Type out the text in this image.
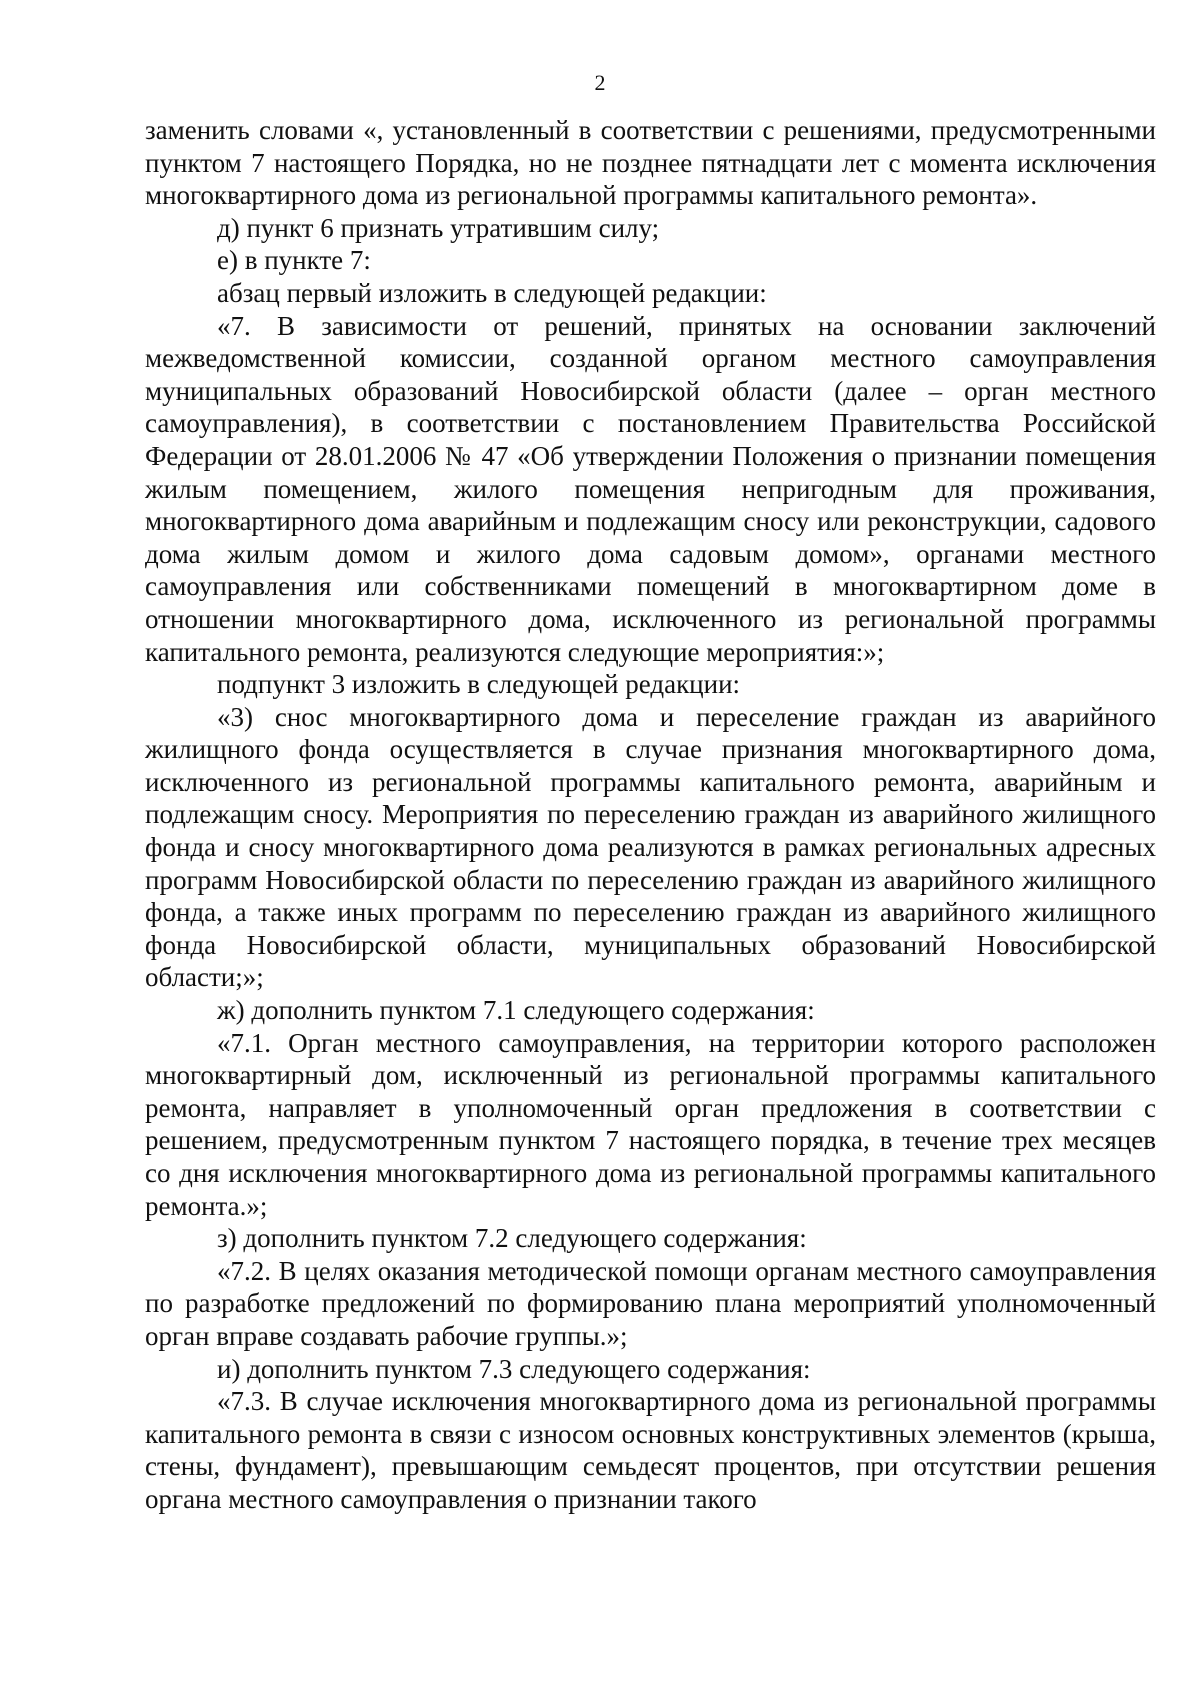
2

заменить словами «, установленный в соответствии с решениями, предусмотренными пунктом 7 настоящего Порядка, но не позднее пятнадцати лет с момента исключения многоквартирного дома из региональной программы капитального ремонта».

д) пункт 6 признать утратившим силу;

е) в пункте 7:

абзац первый изложить в следующей редакции:

«7. В зависимости от решений, принятых на основании заключений межведомственной комиссии, созданной органом местного самоуправления муниципальных образований Новосибирской области (далее – орган местного самоуправления), в соответствии с постановлением Правительства Российской Федерации от 28.01.2006 № 47 «Об утверждении Положения о признании помещения жилым помещением, жилого помещения непригодным для проживания, многоквартирного дома аварийным и подлежащим сносу или реконструкции, садового дома жилым домом и жилого дома садовым домом», органами местного самоуправления или собственниками помещений в многоквартирном доме в отношении многоквартирного дома, исключенного из региональной программы капитального ремонта, реализуются следующие мероприятия:»;

подпункт 3 изложить в следующей редакции:

«3) снос многоквартирного дома и переселение граждан из аварийного жилищного фонда осуществляется в случае признания многоквартирного дома, исключенного из региональной программы капитального ремонта, аварийным и подлежащим сносу. Мероприятия по переселению граждан из аварийного жилищного фонда и сносу многоквартирного дома реализуются в рамках региональных адресных программ Новосибирской области по переселению граждан из аварийного жилищного фонда, а также иных программ по переселению граждан из аварийного жилищного фонда Новосибирской области, муниципальных образований Новосибирской области;»;

ж) дополнить пунктом 7.1 следующего содержания:

«7.1. Орган местного самоуправления, на территории которого расположен многоквартирный дом, исключенный из региональной программы капитального ремонта, направляет в уполномоченный орган предложения в соответствии с решением, предусмотренным пунктом 7 настоящего порядка, в течение трех месяцев со дня исключения многоквартирного дома из региональной программы капитального ремонта.»;

з) дополнить пунктом 7.2 следующего содержания:

«7.2. В целях оказания методической помощи органам местного самоуправления по разработке предложений по формированию плана мероприятий уполномоченный орган вправе создавать рабочие группы.»;

и) дополнить пунктом 7.3 следующего содержания:

«7.3. В случае исключения многоквартирного дома из региональной программы капитального ремонта в связи с износом основных конструктивных элементов (крыша, стены, фундамент), превышающим семьдесят процентов, при отсутствии решения органа местного самоуправления о признании такого
